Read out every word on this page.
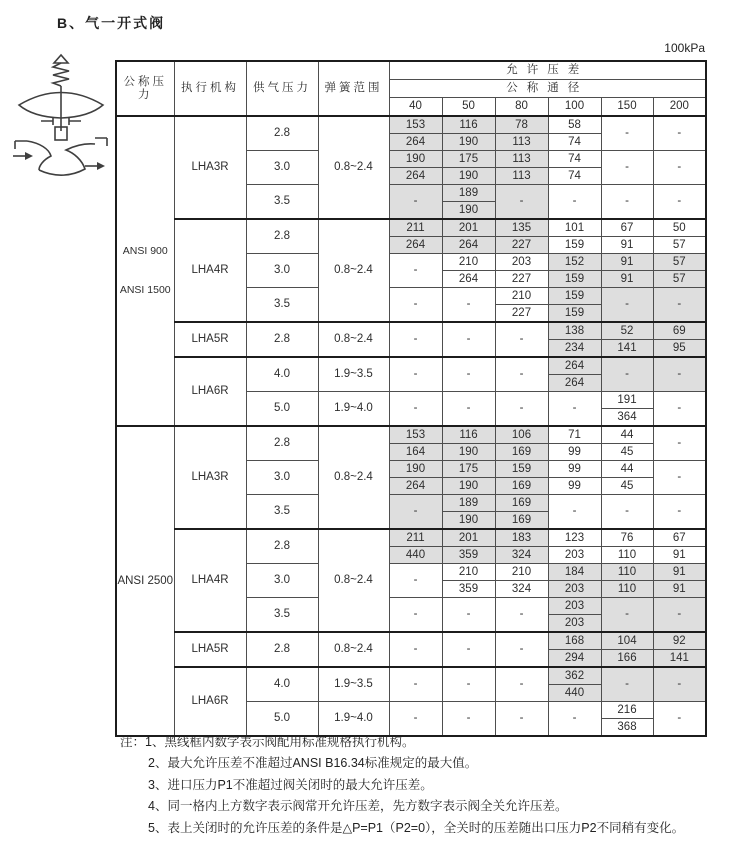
B、气一开式阀
100kPa
公称压力	执行机构	供气压力	弹簧范围	允许压差					
				公称通径					
				40	50	80	100	150	200

ANSI 900
ANSI 1500	LHA3R	2.8	0.8~2.4	153	116	78	58	-	-
				264	190	113	74		
		3.0		190	175	113	74	-	-
				264	190	113	74		
		3.5		-	189	-	-	-	-
					190				
	LHA4R	2.8	0.8~2.4	211	201	135	101	67	50
				264	264	227	159	91	57
		3.0		-	210	203	152	91	57
					264	227	159	91	57
		3.5		-	-	210	159	-	-
						227	159		
	LHA5R	2.8	0.8~2.4	-	-	-	138	52	69
							234	141	95
	LHA6R	4.0	1.9~3.5	-	-	-	264	-	-
							264		
		5.0	1.9~4.0	-	-	-	-	191	-
								364	
ANSI 2500	LHA3R	2.8	0.8~2.4	153	116	106	71	44	-
				164	190	169	99	45	
		3.0		190	175	159	99	44	-
				264	190	169	99	45	
		3.5		-	189	169	-	-	-
					190	169			
	LHA4R	2.8	0.8~2.4	211	201	183	123	76	67
				440	359	324	203	110	91
		3.0		-	210	210	184	110	91
					359	324	203	110	91
		3.5		-	-	-	203	-	-
							203		
	LHA5R	2.8	0.8~2.4	-	-	-	168	104	92
							294	166	141
	LHA6R	4.0	1.9~3.5	-	-	-	362	-	-
							440		
		5.0	1.9~4.0	-	-	-	-	216	-
								368	
注：1、黑线框内数字表示阀配用标准规格执行机构。
2、最大允许压差不准超过ANSI B16.34标准规定的最大值。
3、进口压力P1不准超过阀关闭时的最大允许压差。
4、同一格内上方数字表示阀常开允许压差，先方数字表示阀全关允许压差。
5、表上关闭时的允许压差的条件是△P=P1（P2=0），全关时的压差随出口压力P2不同稍有变化。
